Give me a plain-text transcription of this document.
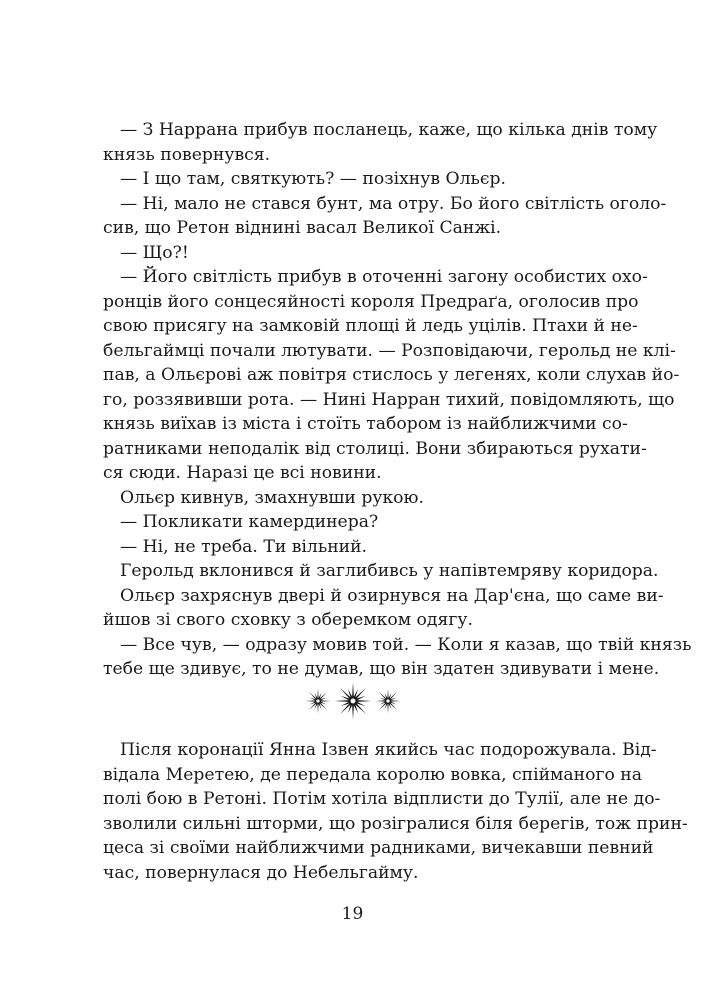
— З Наррана прибув посланець, каже, що кілька днів тому
князь повернувся.
— І що там, святкують? — позіхнув Ольєр.
— Ні, мало не стався бунт, ма отру. Бо його світлість оголо-
сив, що Ретон віднині васал Великої Санжі.
— Що?!
— Його світлість прибув в оточенні загону особистих охо-
ронців його сонцесяйності короля Предраґа, оголосив про
свою присягу на замковій площі й ледь уцілів. Птахи й не-
бельгаймці почали лютувати. — Розповідаючи, герольд не клі-
пав, а Ольєрові аж повітря стислось у легенях, коли слухав йо-
го, роззявивши рота. — Нині Нарран тихий, повідомляють, що
князь виїхав із міста і стоїть табором із найближчими со-
ратниками неподалік від столиці. Вони збираються рухати-
ся сюди. Наразі це всі новини.
Ольєр кивнув, змахнувши рукою.
— Покликати камердинера?
— Ні, не треба. Ти вільний.
Герольд вклонився й заглибивсь у напівтемряву коридора.
Ольєр захряснув двері й озирнувся на Дар'єна, що саме ви-
йшов зі свого сховку з оберемком одягу.
— Все чув, — одразу мовив той. — Коли я казав, що твій князь
тебе ще здивує, то не думав, що він здатен здивувати і мене.
Після коронації Янна Ізвен якийсь час подорожувала. Від-
відала Меретею, де передала королю вовка, спійманого на
полі бою в Ретоні. Потім хотіла відплисти до Тулії, але не до-
зволили сильні шторми, що розігралися біля берегів, тож прин-
цеса зі своїми найближчими радниками, вичекавши певний
час, повернулася до Небельгайму.
19
